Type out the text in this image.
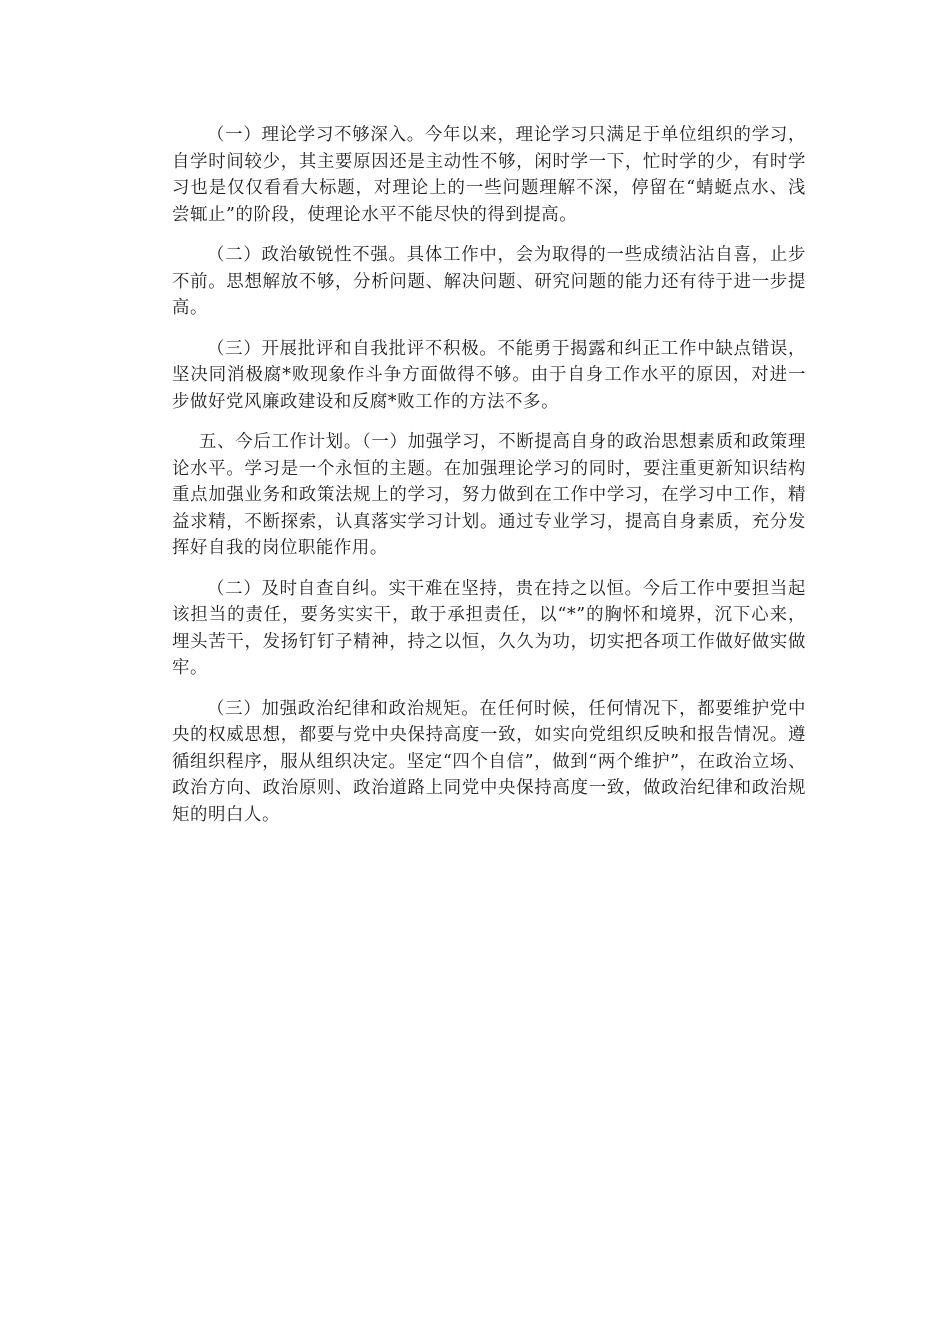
（一）理论学习不够深入。今年以来，理论学习只满足于单位组织的学习，自学时间较少，其主要原因还是主动性不够，闲时学一下，忙时学的少，有时学习也是仅仅看看大标题，对理论上的一些问题理解不深，停留在“蜻蜓点水、浅尝辄止”的阶段，使理论水平不能尽快的得到提高。

（二）政治敏锐性不强。具体工作中，会为取得的一些成绩沾沾自喜，止步不前。思想解放不够，分析问题、解决问题、研究问题的能力还有待于进一步提高。

（三）开展批评和自我批评不积极。不能勇于揭露和纠正工作中缺点错误，坚决同消极腐*败现象作斗争方面做得不够。由于自身工作水平的原因，对进一步做好党风廉政建设和反腐*败工作的方法不多。

五、今后工作计划。（一）加强学习，不断提高自身的政治思想素质和政策理论水平。学习是一个永恒的主题。在加强理论学习的同时，要注重更新知识结构重点加强业务和政策法规上的学习，努力做到在工作中学习，在学习中工作，精益求精，不断探索，认真落实学习计划。通过专业学习，提高自身素质，充分发挥好自我的岗位职能作用。

（二）及时自查自纠。实干难在坚持，贵在持之以恒。今后工作中要担当起该担当的责任，要务实实干，敢于承担责任，以“*”的胸怀和境界，沉下心来，埋头苦干，发扬钉钉子精神，持之以恒，久久为功，切实把各项工作做好做实做牢。

（三）加强政治纪律和政治规矩。在任何时候，任何情况下，都要维护党中央的权威思想，都要与党中央保持高度一致，如实向党组织反映和报告情况。遵循组织程序，服从组织决定。坚定“四个自信”，做到“两个维护”，在政治立场、政治方向、政治原则、政治道路上同党中央保持高度一致，做政治纪律和政治规矩的明白人。
